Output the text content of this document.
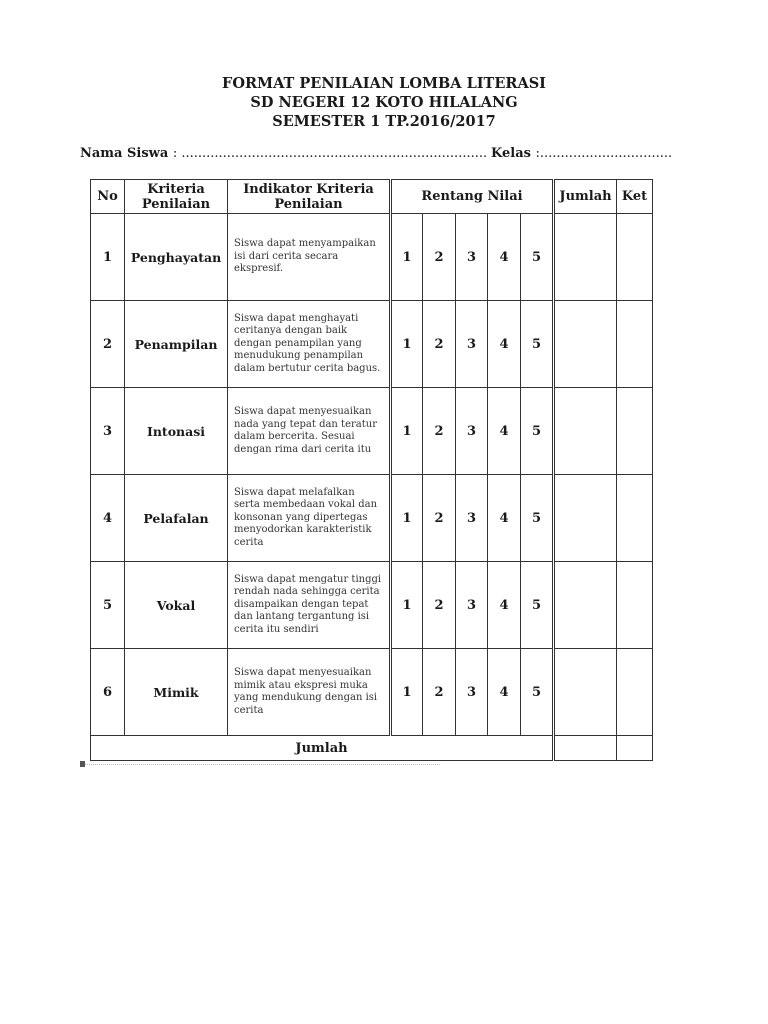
FORMAT PENILAIAN LOMBA LITERASI
SD NEGERI 12 KOTO HILALANG
SEMESTER 1 TP.2016/2017
Nama Siswa : .......................................................................... Kelas :................................
No	Kriteria Penilaian	Indikator Kriteria Penilaian	Rentang Nilai					Jumlah	Ket
1	Penghayatan	Siswa dapat menyampaikan isi dari cerita secara ekspresif.	1	2	3	4	5		
2	Penampilan	Siswa dapat menghayati ceritanya dengan baik dengan penampilan yang menudukung penampilan dalam bertutur cerita bagus.	1	2	3	4	5		
3	Intonasi	Siswa dapat menyesuaikan nada yang tepat dan teratur dalam bercerita. Sesuai dengan rima dari cerita itu	1	2	3	4	5		
4	Pelafalan	Siswa dapat melafalkan serta membedaan vokal dan konsonan yang dipertegas menyodorkan karakteristik cerita	1	2	3	4	5		
5	Vokal	Siswa dapat mengatur tinggi rendah nada sehingga cerita disampaikan dengan tepat dan lantang tergantung isi cerita itu sendiri	1	2	3	4	5		
6	Mimik	Siswa dapat menyesuaikan mimik atau ekspresi muka yang mendukung dengan isi cerita	1	2	3	4	5		
Jumlah									
